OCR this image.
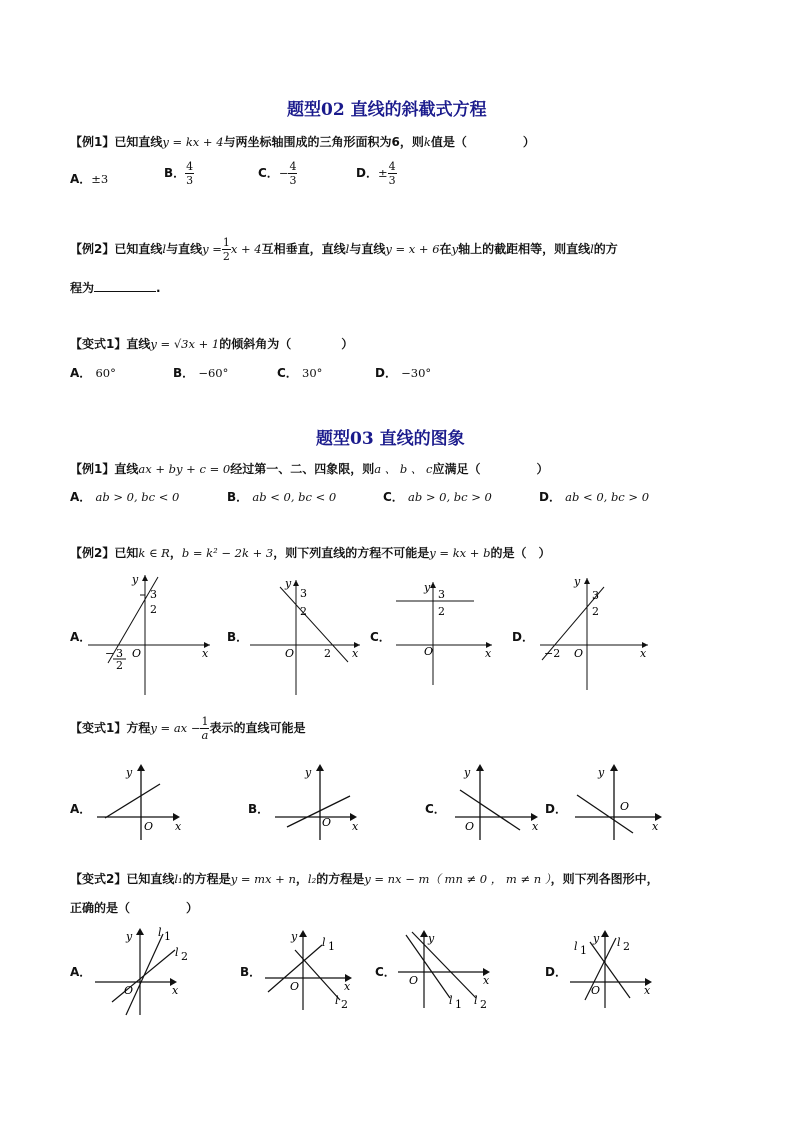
题型02 直线的斜截式方程
【例1】已知直线y = kx + 4与两坐标轴围成的三角形面积为6，则k值是（	）
A．±3	B． $\frac{4}{3}$	C．− $\frac{4}{3}$	D．± $\frac{4}{3}$
【例2】已知直线l与直线$y = \frac{1}{2}$ x + 4互相垂直，直线l与直线y = x + 6在y轴上的截距相等，则直线l的方
程为	.
【变式1】直线y = √3x + 1的倾斜角为（	）
A． 60°	B． −60°	C． 30°	D． −30°
题型03 直线的图象
【例1】直线ax + by + c = 0经过第一、二、四象限，则a 、 b 、 c应满足（	）
A． ab > 0, bc < 0	B． ab < 0, bc < 0	C． ab > 0, bc > 0	D． ab < 0, bc > 0
【例2】已知k ∈ R，b = k² − 2k + 3，则下列直线的方程不可能是y = kx + b的是（　）
A．	B．	C．	D．
y
3
2
O	x
3
2
−
y
3
2
O	2 x
y
3
2
O	x
y
3
2
O
−2	x
【变式1】方程y = ax − $\frac{1}{a}$ 表示的直线可能是
A．	B．	C．	D．
y
O x
y
O x
y
O	x
y
O
x
【变式2】已知直线l₁的方程是y = mx + n，l₂的方程是y = nx − m（ mn ≠ 0 ， m ≠ n ），则下列各图形中，
正确的是（	）
A．	B．	C．	D．
y l 1
l 2
O	x
y l 1
O	x
l 2
y
O	x
l 1 l 2
y
l 1
l 2
O	x
